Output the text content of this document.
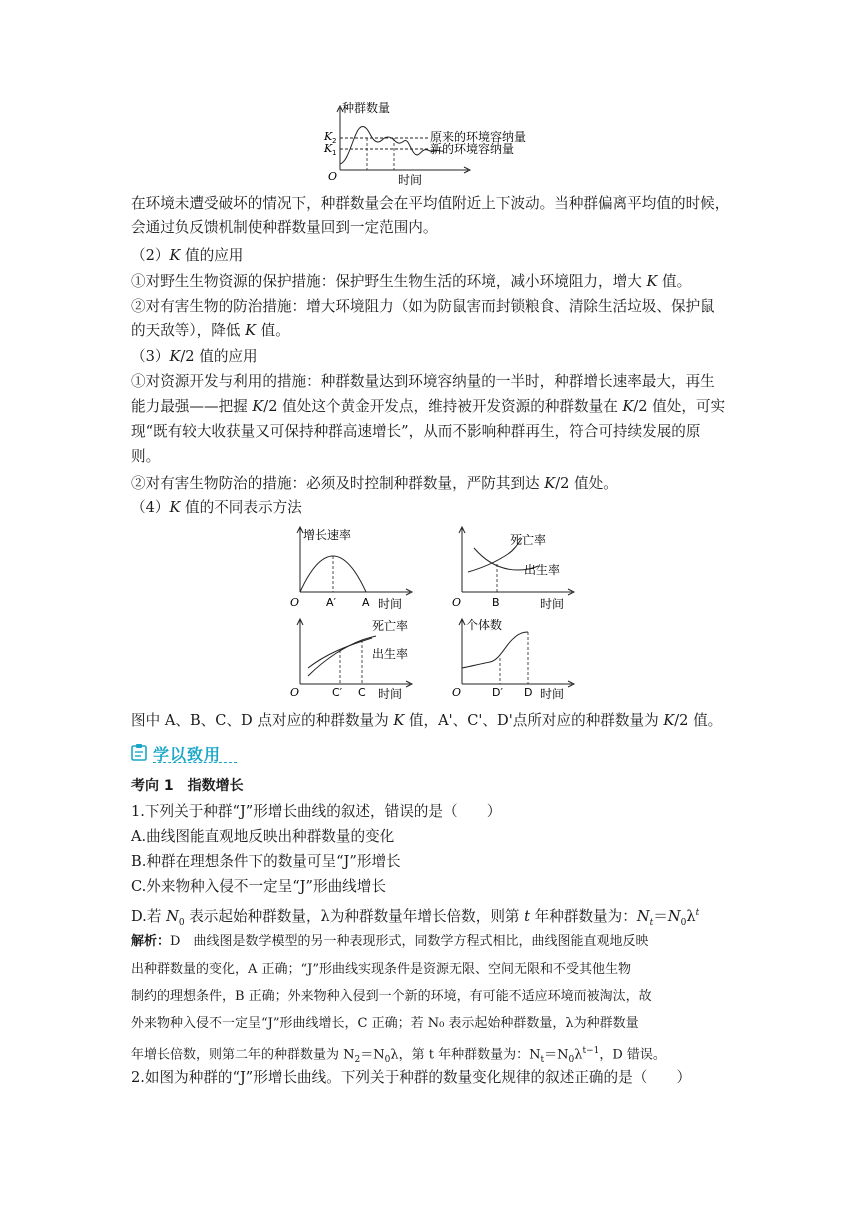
种群数量
时间
O
K 2
K 1
原来的环境容纳量
新的环境容纳量
在环境未遭受破坏的情况下，种群数量会在平均值附近上下波动。当种群偏离平均值的时候，
会通过负反馈机制使种群数量回到一定范围内。
（2）K 值的应用
①对野生生物资源的保护措施：保护野生生物生活的环境，减小环境阻力，增大 K 值。
②对有害生物的防治措施：增大环境阻力（如为防鼠害而封锁粮食、清除生活垃圾、保护鼠
的天敌等），降低 K 值。
（3）K/2 值的应用
①对资源开发与利用的措施：种群数量达到环境容纳量的一半时，种群增长速率最大，再生
能力最强——把握 K/2 值处这个黄金开发点，维持被开发资源的种群数量在 K/2 值处，可实
现“既有较大收获量又可保持种群高速增长”，从而不影响种群再生，符合可持续发展的原
则。
②对有害生物防治的措施：必须及时控制种群数量，严防其到达 K/2 值处。
（4）K 值的不同表示方法
增长速率
O A′ A 时间
死亡率
出生率
O	B	时间
死亡率
出生率
O	C′ C 时间
个体数
O	D′ D 时间
图中 A、B、C、D 点对应的种群数量为 K 值，A'、C'、D'点所对应的种群数量为 K/2 值。
学以致用
考向 1　指数增长
1.下列关于种群“J”形增长曲线的叙述，错误的是（　　）
A.曲线图能直观地反映出种群数量的变化
B.种群在理想条件下的数量可呈“J”形增长
C.外来物种入侵不一定呈“J”形曲线增长
D.若 $N_0$ 表示起始种群数量，λ为种群数量年增长倍数，则第 t 年种群数量为：$N_t=N_0\lambda^t$
解析：D　曲线图是数学模型的另一种表现形式，同数学方程式相比，曲线图能直观地反映
出种群数量的变化，A 正确；“J”形曲线实现条件是资源无限、空间无限和不受其他生物
制约的理想条件，B 正确；外来物种入侵到一个新的环境，有可能不适应环境而被淘汰，故
外来物种入侵不一定呈“J”形曲线增长，C 正确；若 N₀ 表示起始种群数量，λ为种群数量
年增长倍数，则第二年的种群数量为 $N_2=N_0\lambda$，第 t 年种群数量为：$N_t=N_0\lambda^{t-1}$，D 错误。
2.如图为种群的“J”形增长曲线。下列关于种群的数量变化规律的叙述正确的是（　　）
